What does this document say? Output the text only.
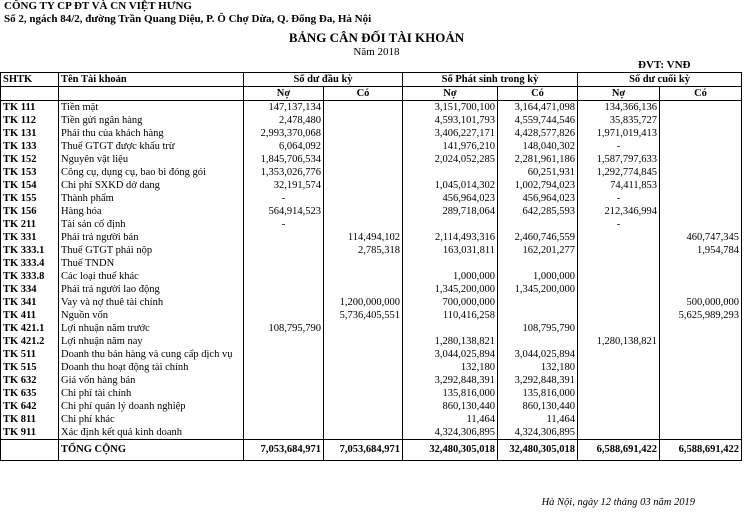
CÔNG TY CP ĐT VÀ CN VIỆT HƯNG
Số 2, ngách 84/2, đường Trần Quang Diệu, P. Ô Chợ Dừa, Q. Đống Đa, Hà Nội
BẢNG CÂN ĐỐI TÀI KHOẢN
Năm 2018
ĐVT: VNĐ
SHTK	Tên Tài khoản	Số dư đầu kỳ		Số Phát sinh trong kỳ		Số dư cuối kỳ	
		Nợ	Có	Nợ	Có	Nợ	Có
TK 111	Tiền mặt	147,137,134		3,151,700,100	3,164,471,098	134,366,136	
TK 112	Tiền gửi ngân hàng	2,478,480		4,593,101,793	4,559,744,546	35,835,727	
TK 131	Phải thu của khách hàng	2,993,370,068		3,406,227,171	4,428,577,826	1,971,019,413	
TK 133	Thuế GTGT được khấu trừ	6,064,092		141,976,210	148,040,302	-	
TK 152	Nguyên vật liệu	1,845,706,534		2,024,052,285	2,281,961,186	1,587,797,633	
TK 153	Công cụ, dụng cụ, bao bì đóng gói	1,353,026,776			60,251,931	1,292,774,845	
TK 154	Chi phí SXKD dở dang	32,191,574		1,045,014,302	1,002,794,023	74,411,853	
TK 155	Thành phẩm	-		456,964,023	456,964,023	-	
TK 156	Hàng hóa	564,914,523		289,718,064	642,285,593	212,346,994	
TK 211	Tài sản cố định	-				-	
TK 331	Phải trả người bán		114,494,102	2,114,493,316	2,460,746,559		460,747,345
TK 333.1	Thuế GTGT phải nộp		2,785,318	163,031,811	162,201,277		1,954,784
TK 333.4	Thuế TNDN						
TK 333.8	Các loại thuế khác			1,000,000	1,000,000		
TK 334	Phải trả người lao động			1,345,200,000	1,345,200,000		
TK 341	Vay và nợ thuê tài chính		1,200,000,000	700,000,000			500,000,000
TK 411	Nguồn vốn		5,736,405,551	110,416,258			5,625,989,293
TK 421.1	Lợi nhuận năm trước	108,795,790			108,795,790		
TK 421.2	Lợi nhuận năm nay			1,280,138,821		1,280,138,821	
TK 511	Doanh thu bán hàng và cung cấp dịch vụ			3,044,025,894	3,044,025,894		
TK 515	Doanh thu hoạt động tài chính			132,180	132,180		
TK 632	Giá vốn hàng bán			3,292,848,391	3,292,848,391		
TK 635	Chi phí tài chính			135,816,000	135,816,000		
TK 642	Chi phí quản lý doanh nghiệp			860,130,440	860,130,440		
TK 811	Chi phí khác			11,464	11,464		
TK 911	Xác định kết quả kinh doanh			4,324,306,895	4,324,306,895		
	TỔNG CỘNG	7,053,684,971	7,053,684,971	32,480,305,018	32,480,305,018	6,588,691,422	6,588,691,422
Hà Nội, ngày 12 tháng 03 năm 2019
